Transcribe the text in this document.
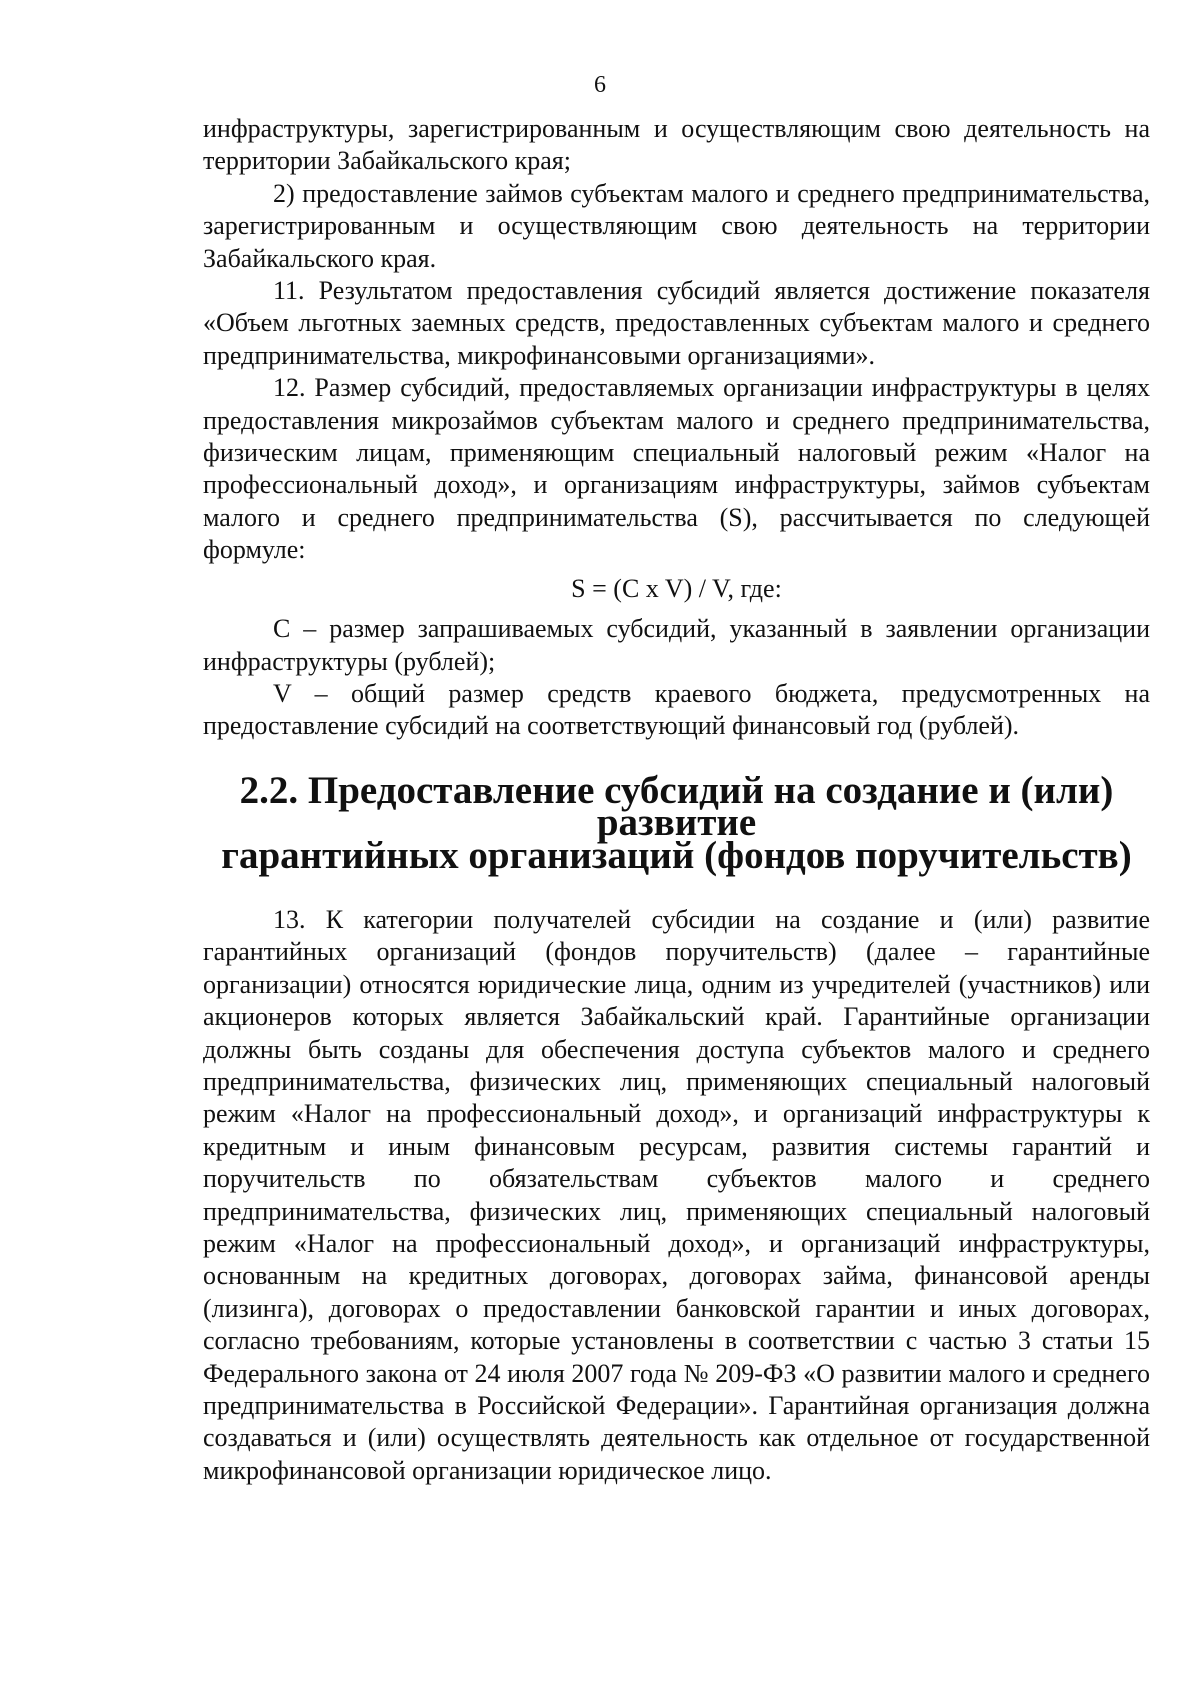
6

инфраструктуры, зарегистрированным и осуществляющим свою деятельность на территории Забайкальского края;

2) предоставление займов субъектам малого и среднего предпринимательства, зарегистрированным и осуществляющим свою деятельность на территории Забайкальского края.

11. Результатом предоставления субсидий является достижение показателя «Объем льготных заемных средств, предоставленных субъектам малого и среднего предпринимательства, микрофинансовыми организациями».

12. Размер субсидий, предоставляемых организации инфраструктуры в целях предоставления микрозаймов субъектам малого и среднего предпринимательства, физическим лицам, применяющим специальный налоговый режим «Налог на профессиональный доход», и организациям инфраструктуры, займов субъектам малого и среднего предпринимательства (S), рассчитывается по следующей формуле:

S = (C x V) / V, где:

C – размер запрашиваемых субсидий, указанный в заявлении организации инфраструктуры (рублей);

V – общий размер средств краевого бюджета, предусмотренных на предоставление субсидий на соответствующий финансовый год (рублей).

2.2. Предоставление субсидий на создание и (или) развитие
гарантийных организаций (фондов поручительств)

13. К категории получателей субсидии на создание и (или) развитие гарантийных организаций (фондов поручительств) (далее – гарантийные организации) относятся юридические лица, одним из учредителей (участников) или акционеров которых является Забайкальский край. Гарантийные организации должны быть созданы для обеспечения доступа субъектов малого и среднего предпринимательства, физических лиц, применяющих специальный налоговый режим «Налог на профессиональный доход», и организаций инфраструктуры к кредитным и иным финансовым ресурсам, развития системы гарантий и поручительств по обязательствам субъектов малого и среднего предпринимательства, физических лиц, применяющих специальный налоговый режим «Налог на профессиональный доход», и организаций инфраструктуры, основанным на кредитных договорах, договорах займа, финансовой аренды (лизинга), договорах о предоставлении банковской гарантии и иных договорах, согласно требованиям, которые установлены в соответствии с частью 3 статьи 15 Федерального закона от 24 июля 2007 года № 209-ФЗ «О развитии малого и среднего предпринимательства в Российской Федерации». Гарантийная организация должна создаваться и (или) осуществлять деятельность как отдельное от государственной микрофинансовой организации юридическое лицо.
